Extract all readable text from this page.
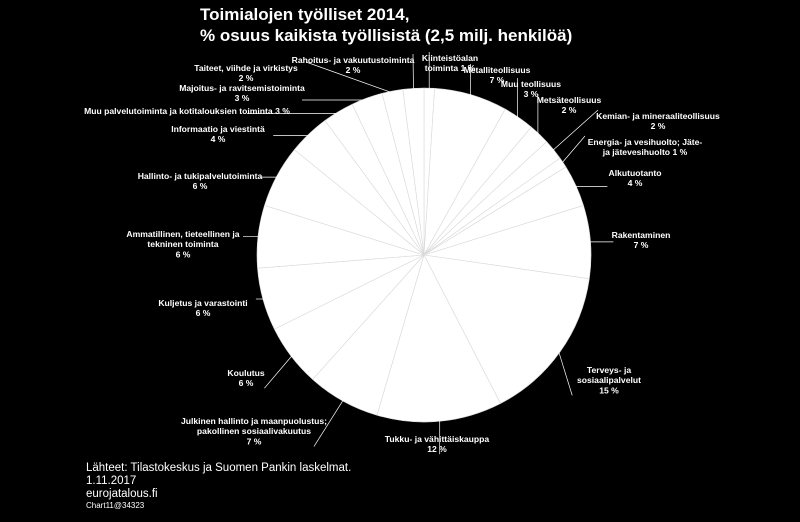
Toimialojen työlliset 2014,
% osuus kaikista työllisistä (2,5 milj. henkilöä)
Kiinteistöalan toiminta 1 %
Metalliteollisuus 7 %
Muu teollisuus 3 %
Metsäteollisuus 2 %
Kemian- ja mineraaliteollisuus 2 %
Energia- ja vesihuolto; Jäte-ja jätevesihuolto 1 %
Alkutuotanto 4 %
Rakentaminen 7 %
Terveys- ja sosiaalipalvelut 15 %
Tukku- ja vähittäiskauppa 12 %
Julkinen hallinto ja maanpuolustus; pakollinen sosiaalivakuutus 7 %
Koulutus 6 %
Kuljetus ja varastointi 6 %
Ammatillinen, tieteellinen ja tekninen toiminta 6 %
Hallinto- ja tukipalvelutoiminta 6 %
Informaatio ja viestintä 4 %
Muu palvelutoiminta ja kotitalouksien toiminta 3 %
Majoitus- ja ravitsemistoiminta 3 %
Taiteet, viihde ja virkistys 2 %
Rahoitus- ja vakuutustoiminta 2 %
Lähteet: Tilastokeskus ja Suomen Pankin laskelmat.
1.11.2017
eurojatalous.fi
Chart11@34323
